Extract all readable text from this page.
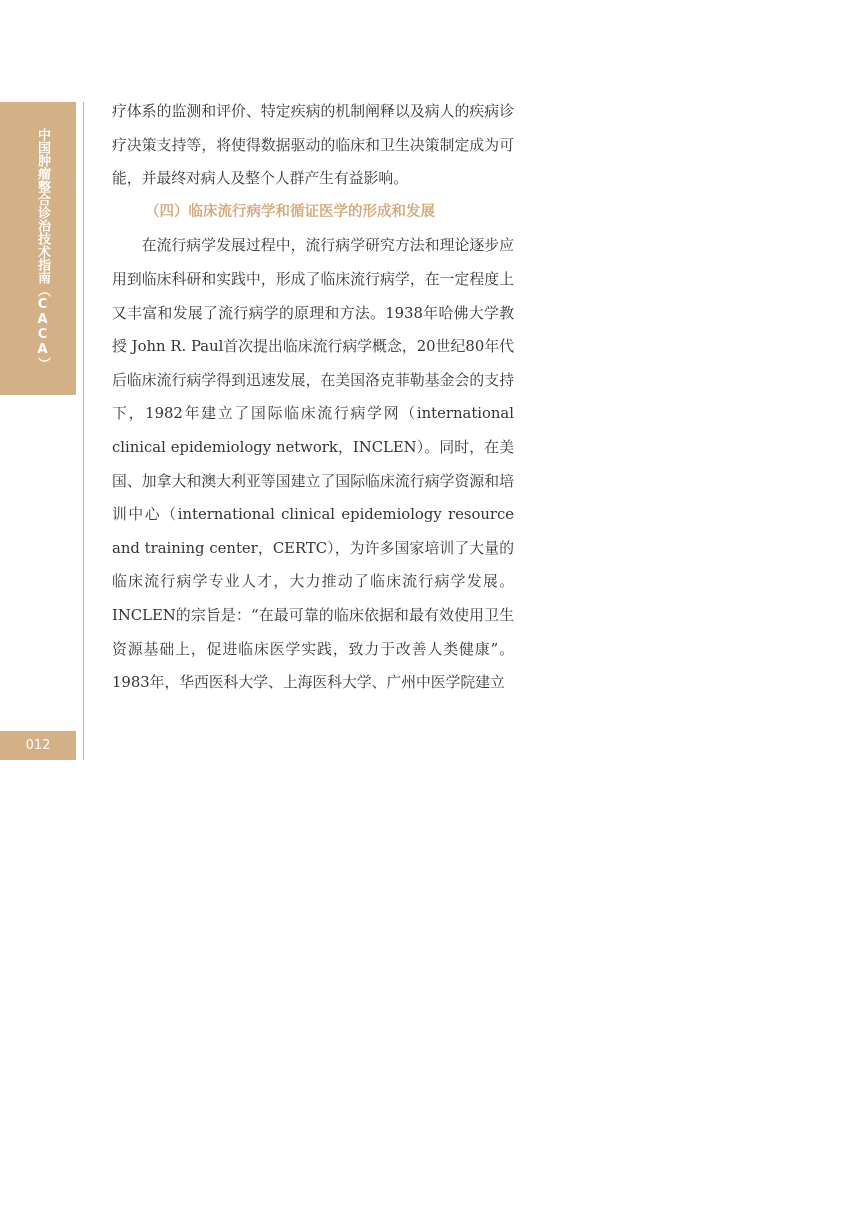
中国肿瘤整合诊治技术指南（CACA）
012

疗体系的监测和评价、特定疾病的机制阐释以及病人的疾病诊疗决策支持等，将使得数据驱动的临床和卫生决策制定成为可能，并最终对病人及整个人群产生有益影响。

（四）临床流行病学和循证医学的形成和发展

在流行病学发展过程中，流行病学研究方法和理论逐步应用到临床科研和实践中，形成了临床流行病学，在一定程度上又丰富和发展了流行病学的原理和方法。1938年哈佛大学教授 John R. Paul首次提出临床流行病学概念，20世纪80年代后临床流行病学得到迅速发展，在美国洛克菲勒基金会的支持下，1982年建立了国际临床流行病学网（international clinical epidemiology network，INCLEN）。同时，在美国、加拿大和澳大利亚等国建立了国际临床流行病学资源和培训中心（international clinical epidemiology resource and training center，CERTC），为许多国家培训了大量的临床流行病学专业人才，大力推动了临床流行病学发展。INCLEN的宗旨是：“在最可靠的临床依据和最有效使用卫生资源基础上，促进临床医学实践，致力于改善人类健康”。1983年，华西医科大学、上海医科大学、广州中医学院建立
